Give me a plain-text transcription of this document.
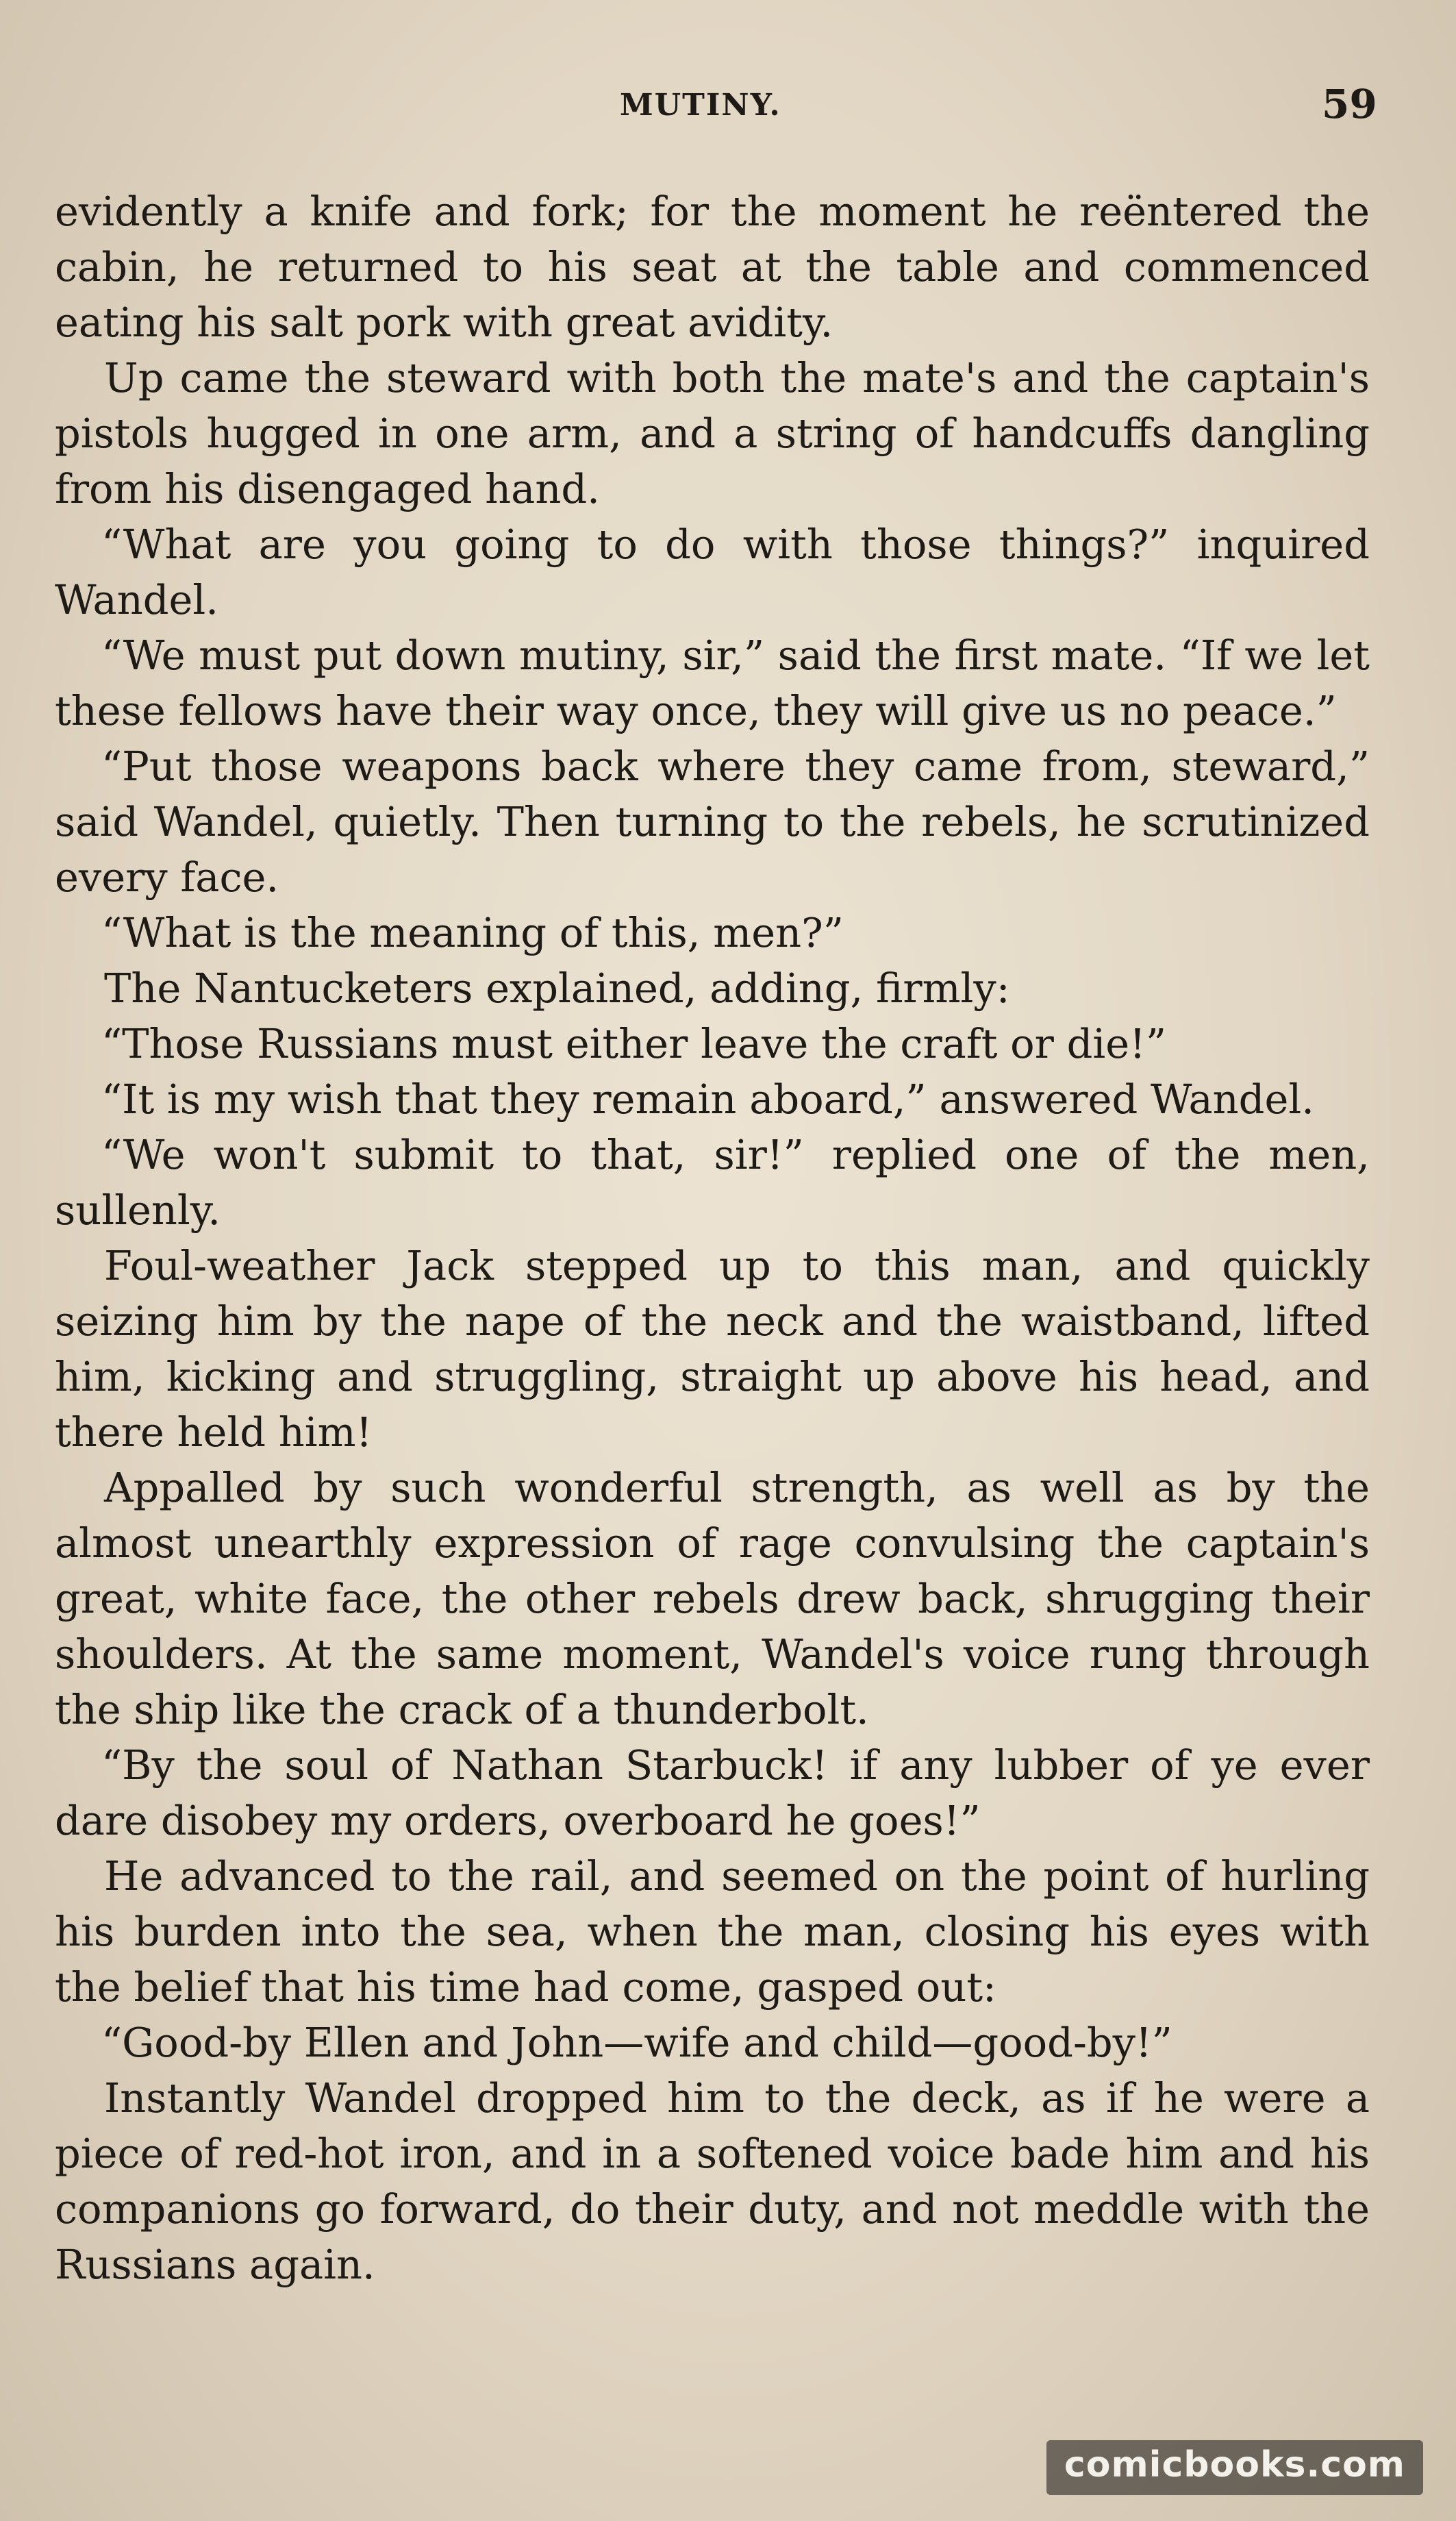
MUTINY.	59

evidently a knife and fork; for the moment he reëntered the cabin, he returned to his seat at the table and commenced eating his salt pork with great avidity.

Up came the steward with both the mate's and the captain's pistols hugged in one arm, and a string of handcuffs dangling from his disengaged hand.

“What are you going to do with those things?” inquired Wandel.

“We must put down mutiny, sir,” said the first mate. “If we let these fellows have their way once, they will give us no peace.”

“Put those weapons back where they came from, steward,” said Wandel, quietly. Then turning to the rebels, he scrutinized every face.

“What is the meaning of this, men?”

The Nantucketers explained, adding, firmly:

“Those Russians must either leave the craft or die!”

“It is my wish that they remain aboard,” answered Wandel.

“We won't submit to that, sir!” replied one of the men, sullenly.

Foul-weather Jack stepped up to this man, and quickly seizing him by the nape of the neck and the waistband, lifted him, kicking and struggling, straight up above his head, and there held him!

Appalled by such wonderful strength, as well as by the almost unearthly expression of rage convulsing the captain's great, white face, the other rebels drew back, shrugging their shoulders. At the same moment, Wandel's voice rung through the ship like the crack of a thunderbolt.

“By the soul of Nathan Starbuck! if any lubber of ye ever dare disobey my orders, overboard he goes!”

He advanced to the rail, and seemed on the point of hurling his burden into the sea, when the man, closing his eyes with the belief that his time had come, gasped out:

“Good-by Ellen and John—wife and child—good-by!”

Instantly Wandel dropped him to the deck, as if he were a piece of red-hot iron, and in a softened voice bade him and his companions go forward, do their duty, and not meddle with the Russians again.

comicbooks.com
